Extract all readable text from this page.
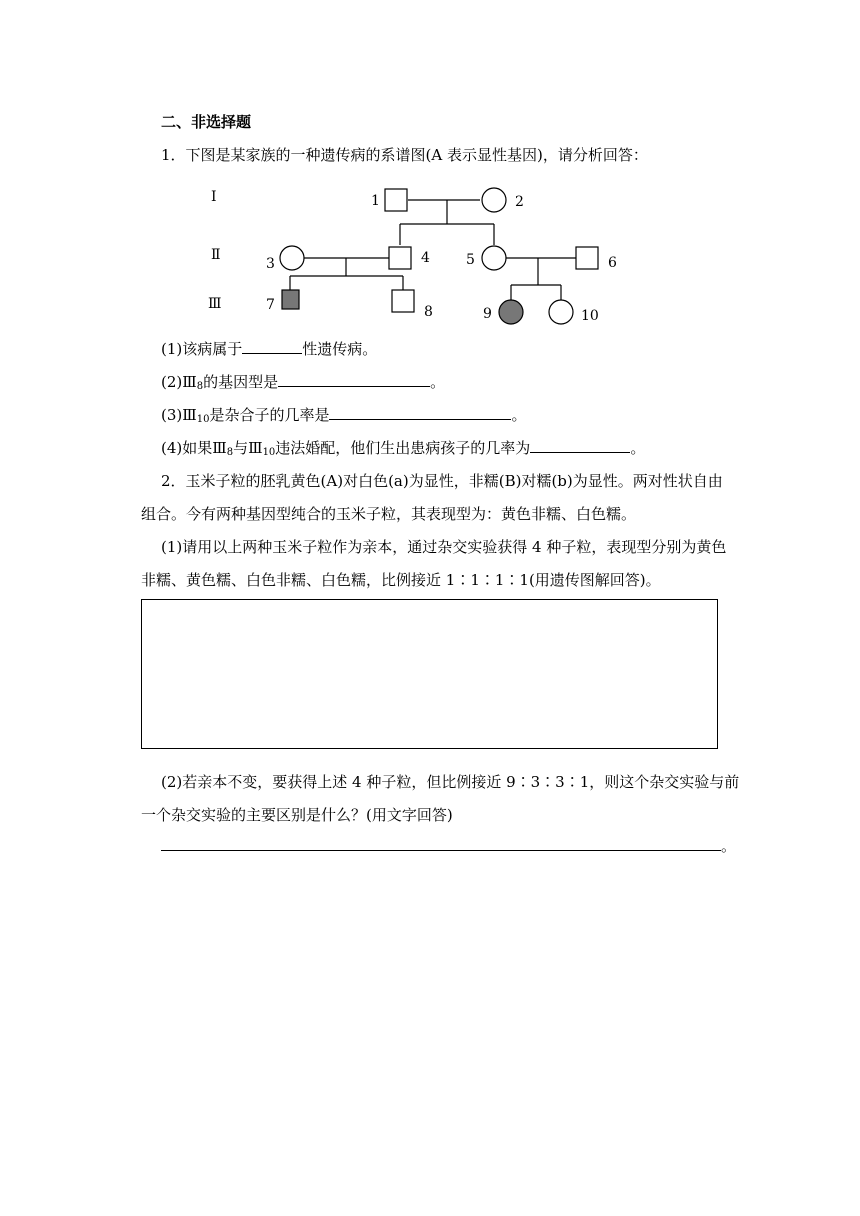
二、非选择题
1．下图是某家族的一种遗传病的系谱图(A 表示显性基因)，请分析回答：
Ⅰ
Ⅱ
Ⅲ
1	2
3	4	5	6
7	8	9	10
(1)该病属于	性遗传病。
$(2)Ⅲ_8$的基因型是	。
$(3)Ⅲ_{10}$是杂合子的几率是	。
(4)如果$Ⅲ_8$与$Ⅲ_{10}$违法婚配，他们生出患病孩子的几率为	。
2．玉米子粒的胚乳黄色(A)对白色(a)为显性，非糯(B)对糯(b)为显性。两对性状自由
组合。今有两种基因型纯合的玉米子粒，其表现型为：黄色非糯、白色糯。
(1)请用以上两种玉米子粒作为亲本，通过杂交实验获得 4 种子粒，表现型分别为黄色
非糯、黄色糯、白色非糯、白色糯，比例接近 1∶1∶1∶1(用遗传图解回答)。
(2)若亲本不变，要获得上述 4 种子粒，但比例接近 9∶3∶3∶1，则这个杂交实验与前
一个杂交实验的主要区别是什么？(用文字回答)
。
